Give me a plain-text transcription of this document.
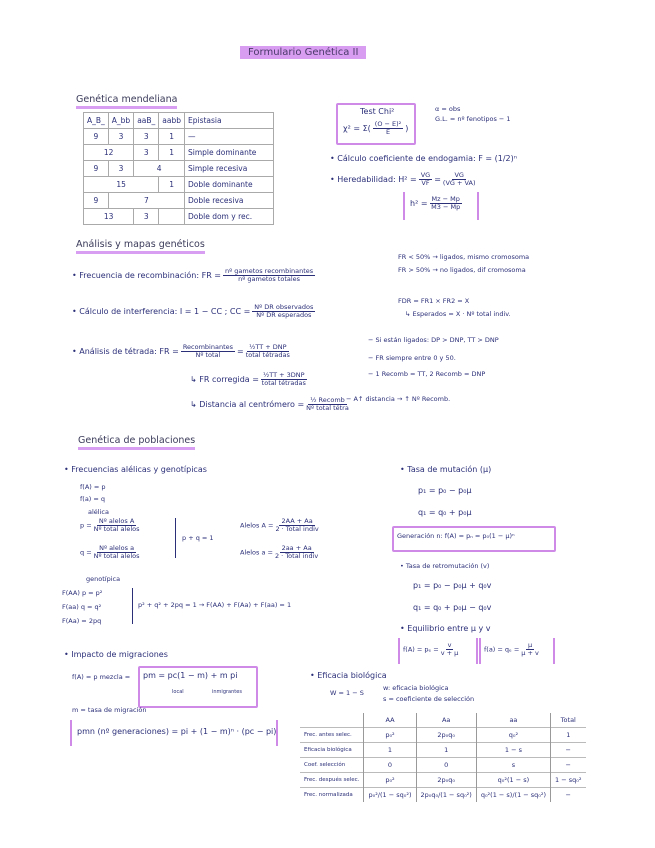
Formulario Genética II
Genética mendeliana
A_B_	A_bb	aaB_	aabb	Epistasia
9	3	3	1	—
12		3	1	Simple dominante
9	3	4		Simple recesiva
15			1	Doble dominante
9	7			Doble recesiva
13		3		Doble dom y rec.
Test Chi²
$\chi^2 = \Sigma( \frac{\text{(O − E)²}}{E}$ )
α = obs
G.L. = nº fenotipos − 1
• Cálculo coeficiente de endogamia: F = (1/2)ⁿ
• Heredabilidad: $H^2 = \frac{VG}{VF} = \frac{VG}{(VG + VA)}$
$h^2 = \frac{Mz - Mp}{M3 - Mp}$
Análisis y mapas genéticos
• Frecuencia de recombinación: FR =
nº gametos recombinantes
nº gametos totales
FR < 50% → ligados, mismo cromosoma
FR > 50% → no ligados, dif cromosoma
• Cálculo de interferencia: I = 1 − CC ; CC =
Nº DR observados
Nº DR esperados
FDR = FR1 × FR2 = X
↳ Esperados = X · Nº total indiv.
• Análisis de tétrada: FR =
Recombinantes
Nº total =
½TT + DNP
total tétradas
↳ FR corregida =
½TT + 3DNP
total tétradas
↳ Distancia al centrómero =
½ Recomb
Nº total tétra
− Si están ligados: DP > DNP, TT > DNP
− FR siempre entre 0 y 50.
− 1 Recomb = TT, 2 Recomb = DNP
− A↑ distancia → ↑ Nº Recomb.
Genética de poblaciones
• Frecuencias alélicas y genotípicas
f(A) = p
f(a) = q
alélica
p =
Nº alelos A
Nº total alelos
q =
Nº alelos a
Nº total alelos
p + q = 1
Alelos A =
2AA + Aa
2 · Total indiv
Alelos a =
2aa + Aa
2 · Total indiv
genotípica
F(AA) p = p²
F(aa) q = q²
F(Aa) = 2pq
p² + q² + 2pq = 1 → F(AA) + F(Aa) + F(aa) = 1
• Tasa de mutación (μ)
p₁ = p₀ − p₀μ
q₁ = q₀ + p₀μ
Generación n: f(A) = pₙ = p₀(1 − μ)ⁿ
• Tasa de retromutación (v)
p₁ = p₀ − p₀μ + q₀v
q₁ = q₀ + p₀μ − q₀v
• Equilibrio entre μ y v
$f(A) = p_e = \frac{v}{v + \mu}$	$f(a) = q_e = \frac{\mu}{\mu + v}$
• Impacto de migraciones
f(A) = p mezcla = pm = pc(1 − m) + m pi
local	inmigrantes
m = tasa de migración
pmn (nº generaciones) = pi + (1 − m)ⁿ · (pc − pi)
• Eficacia biológica
W = 1 − S
w: eficacia biológica
s = coeficiente de selección
	AA	Aa	aa	Total
Frec. antes selec.	p₀²	2p₀q₀	q₀²	1
Eficacia biológica	1	1	1 − s	−
Coef. selección	0	0	s	−
Frec. después selec.	p₀²	2p₀q₀	q₀²(1 − s)	1 − sq₀²
Frec. normalizada	p₀²/(1 − sq₀²)	2p₀q₀/(1 − sq₀²)	q₀²(1 − s)/(1 − sq₀²)	−
